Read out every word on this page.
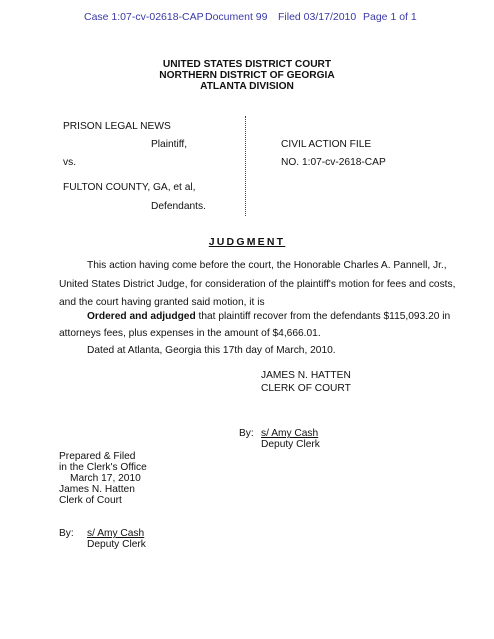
Case 1:07-cv-02618-CAP Document 99 Filed 03/17/2010 Page 1 of 1
UNITED STATES DISTRICT COURT
NORTHERN DISTRICT OF GEORGIA
ATLANTA DIVISION
PRISON LEGAL NEWS
Plaintiff,
vs.
FULTON COUNTY, GA, et al,
Defendants.
CIVIL ACTION FILE
NO. 1:07-cv-2618-CAP
JUDGMENT
This action having come before the court, the Honorable Charles A. Pannell, Jr.,
United States District Judge, for consideration of the plaintiff's motion for fees and costs,
and the court having granted said motion, it is
Ordered and adjudged that plaintiff recover from the defendants $115,093.20 in
attorneys fees, plus expenses in the amount of $4,666.01.
Dated at Atlanta, Georgia this 17th day of March, 2010.
JAMES N. HATTEN
CLERK OF COURT
By: s/ Amy Cash
Deputy Clerk
Prepared & Filed
in the Clerk's Office
March 17, 2010
James N. Hatten
Clerk of Court
By: s/ Amy Cash
Deputy Clerk
